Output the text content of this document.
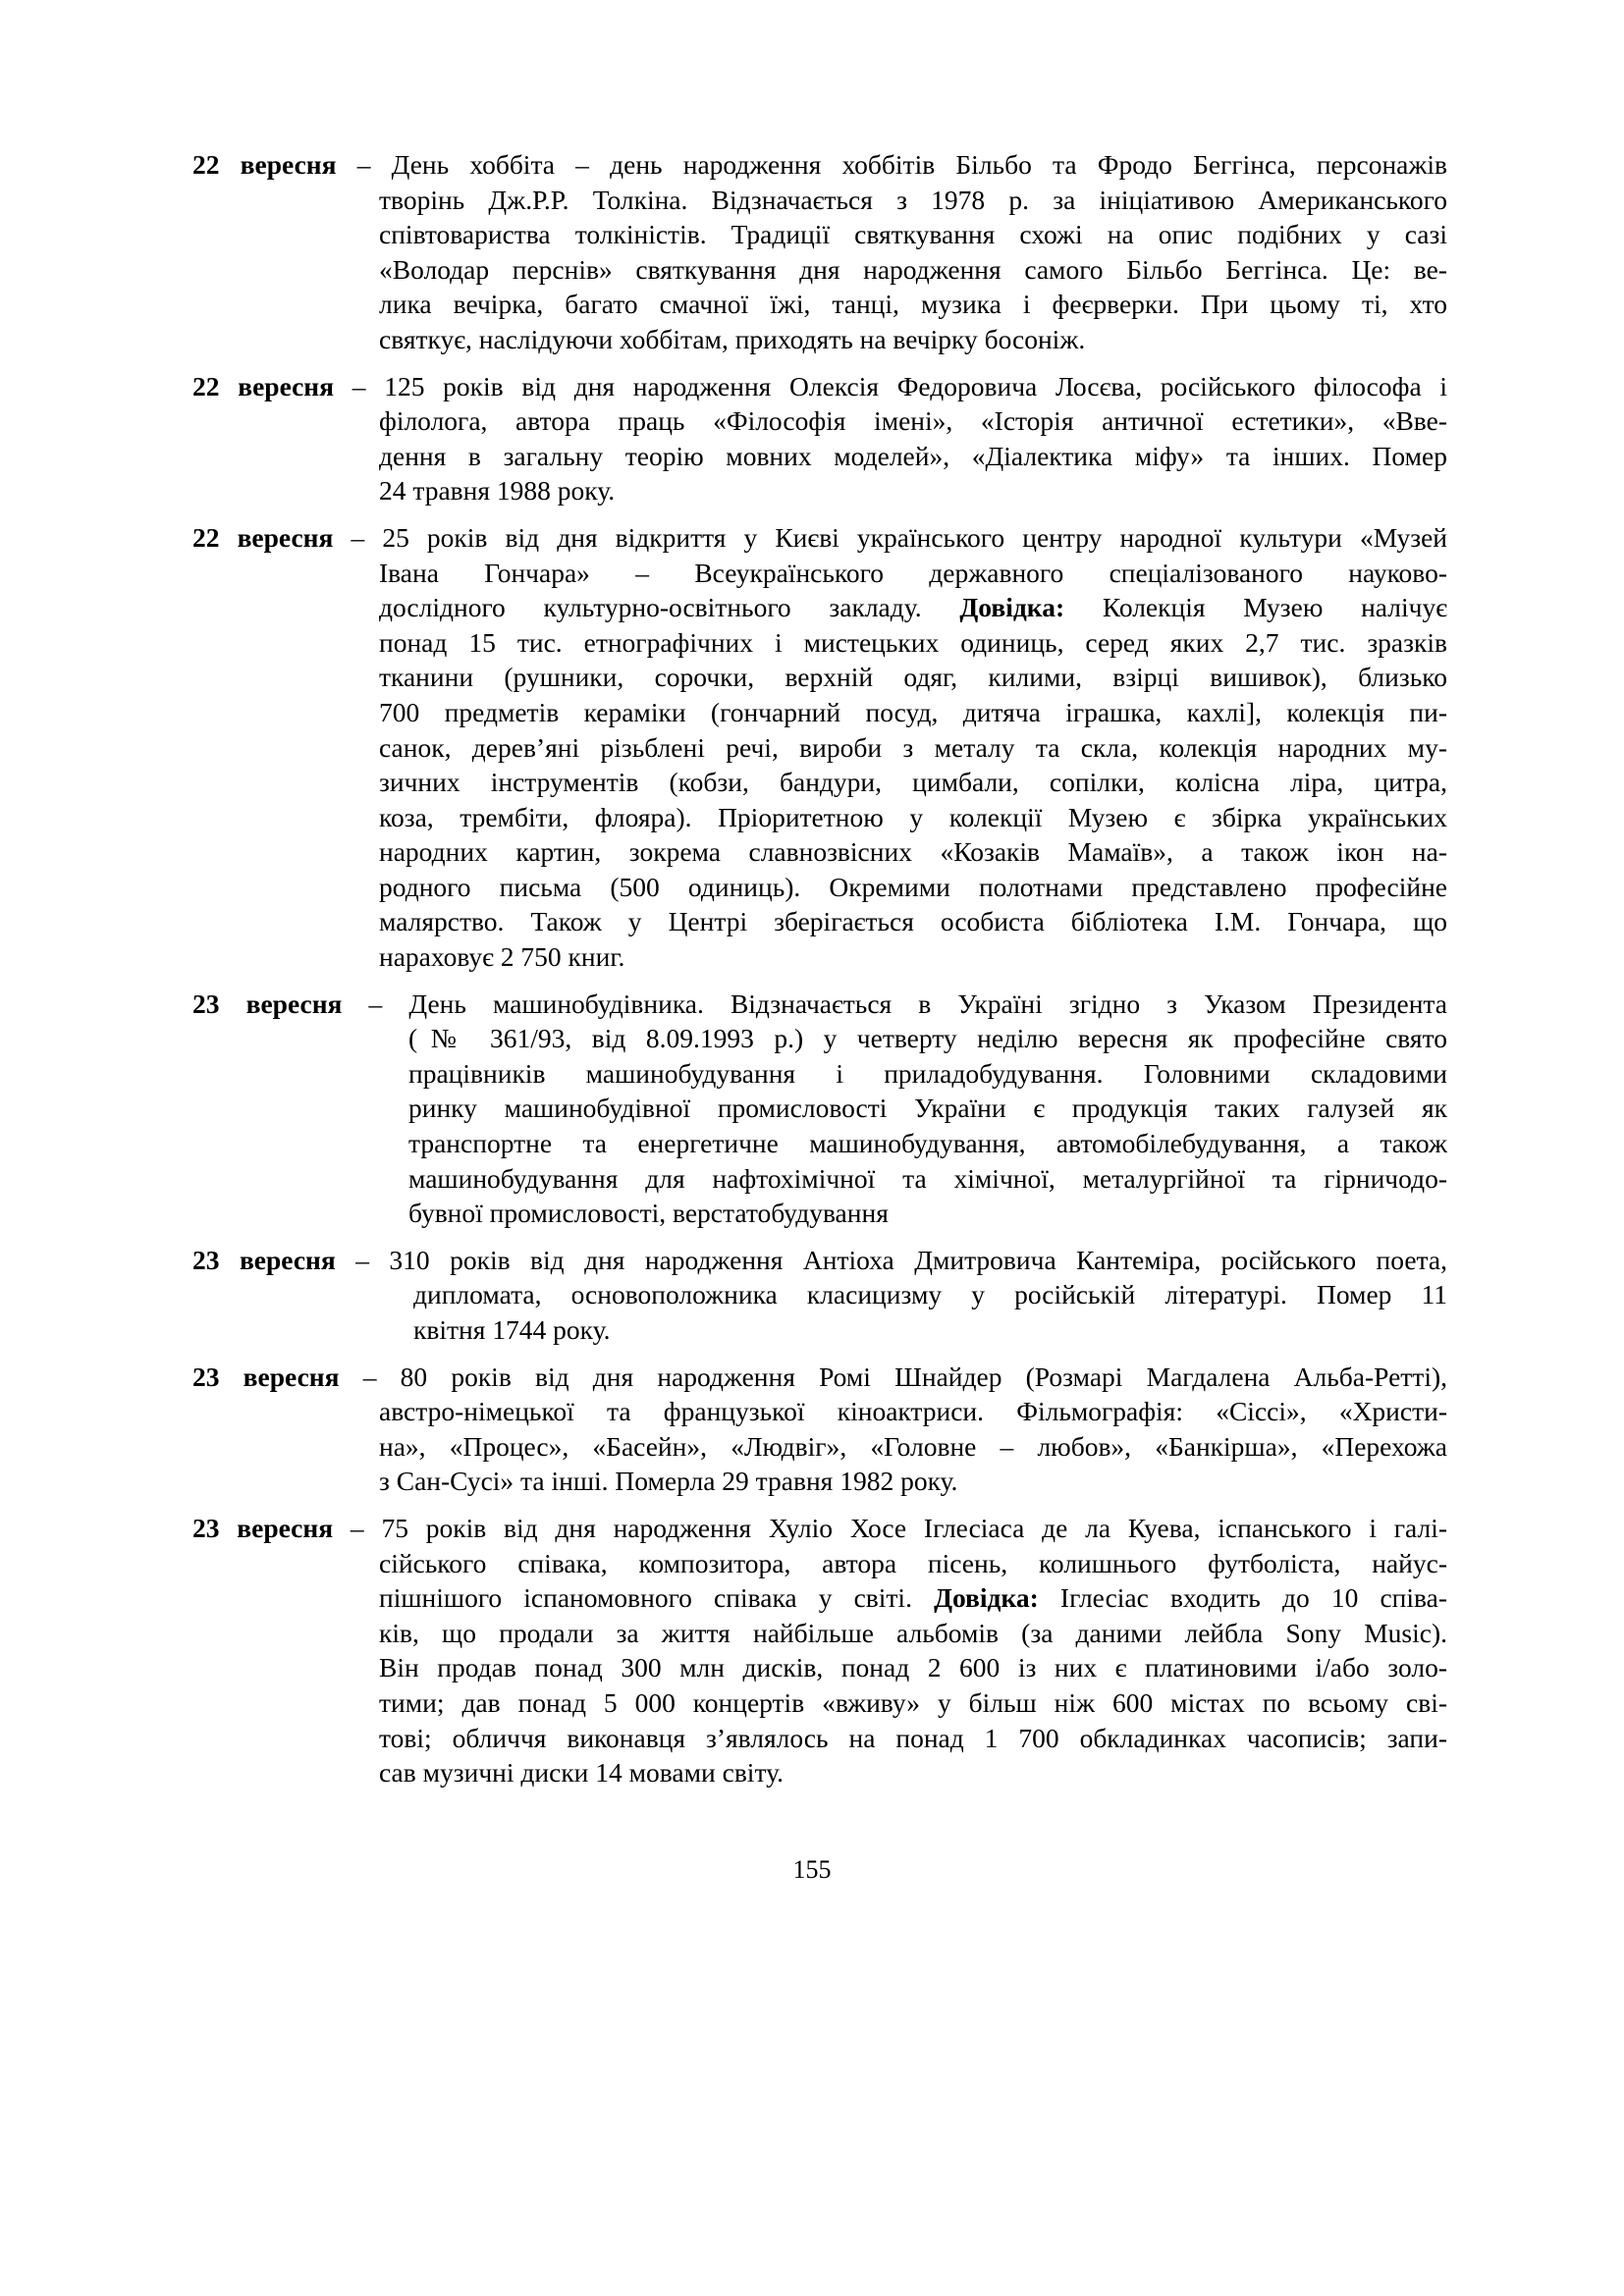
22 вересня – День хоббіта – день народження хоббітів Більбо та Фродо Беггінса, персонажів
творінь Дж.Р.Р. Толкіна. Відзначається з 1978 р. за ініціативою Американського
співтовариства толкіністів. Традиції святкування схожі на опис подібних у сазі
«Володар перснів» святкування дня народження самого Більбо Беггінса. Це: ве-
лика вечірка, багато смачної їжі, танці, музика і феєрверки. При цьому ті, хто
святкує, наслідуючи хоббітам, приходять на вечірку босоніж.
22 вересня – 125 років від дня народження Олексія Федоровича Лосєва, російського філософа і
філолога, автора праць «Філософія імені», «Історія античної естетики», «Вве-
дення в загальну теорію мовних моделей», «Діалектика міфу» та інших. Помер
24 травня 1988 року.
22 вересня – 25 років від дня відкриття у Києві українського центру народної культури «Музей
Івана Гончара» – Всеукраїнського державного спеціалізованого науково-
дослідного культурно-освітнього закладу. Довідка: Колекція Музею налічує
понад 15 тис. етнографічних і мистецьких одиниць, серед яких 2,7 тис. зразків
тканини (рушники, сорочки, верхній одяг, килими, взірці вишивок), близько
700 предметів кераміки (гончарний посуд, дитяча іграшка, кахлі], колекція пи-
санок, дерев’яні різьблені речі, вироби з металу та скла, колекція народних му-
зичних інструментів (кобзи, бандури, цимбали, сопілки, колісна ліра, цитра,
коза, трембіти, флояра). Пріоритетною у колекції Музею є збірка українських
народних картин, зокрема славнозвісних «Козаків Мамаїв», а також ікон на-
родного письма (500 одиниць). Окремими полотнами представлено професійне
малярство. Також у Центрі зберігається особиста бібліотека І.М. Гончара, що
нараховує 2 750 книг.
23 вересня – День машинобудівника. Відзначається в Україні згідно з Указом Президента
(№ 361/93, від 8.09.1993 р.) у четверту неділю вересня як професійне свято
працівників машинобудування і приладобудування. Головними складовими
ринку машинобудівної промисловості України є продукція таких галузей як
транспортне та енергетичне машинобудування, автомобілебудування, а також
машинобудування для нафтохімічної та хімічної, металургійної та гірничодо-
бувної промисловості, верстатобудування
23 вересня – 310 років від дня народження Антіоха Дмитровича Кантеміра, російського поета,
дипломата, основоположника класицизму у російській літературі. Помер 11
квітня 1744 року.
23 вересня – 80 років від дня народження Ромі Шнайдер (Розмарі Магдалена Альба-Ретті),
австро-німецької та французької кіноактриси. Фільмографія: «Сіссі», «Христи-
на», «Процес», «Басейн», «Людвіг», «Головне – любов», «Банкірша», «Перехожа
з Сан-Сусі» та інші. Померла 29 травня 1982 року.
23 вересня – 75 років від дня народження Хуліо Хосе Іглесіаса де ла Куева, іспанського і галі-
сійського співака, композитора, автора пісень, колишнього футболіста, найус-
пішнішого іспаномовного співака у світі. Довідка: Іглесіас входить до 10 співа-
ків, що продали за життя найбільше альбомів (за даними лейбла Sony Music).
Він продав понад 300 млн дисків, понад 2 600 із них є платиновими і/або золо-
тими; дав понад 5 000 концертів «вживу» у більш ніж 600 містах по всьому сві-
тові; обличчя виконавця з’являлось на понад 1 700 обкладинках часописів; запи-
сав музичні диски 14 мовами світу.
155
